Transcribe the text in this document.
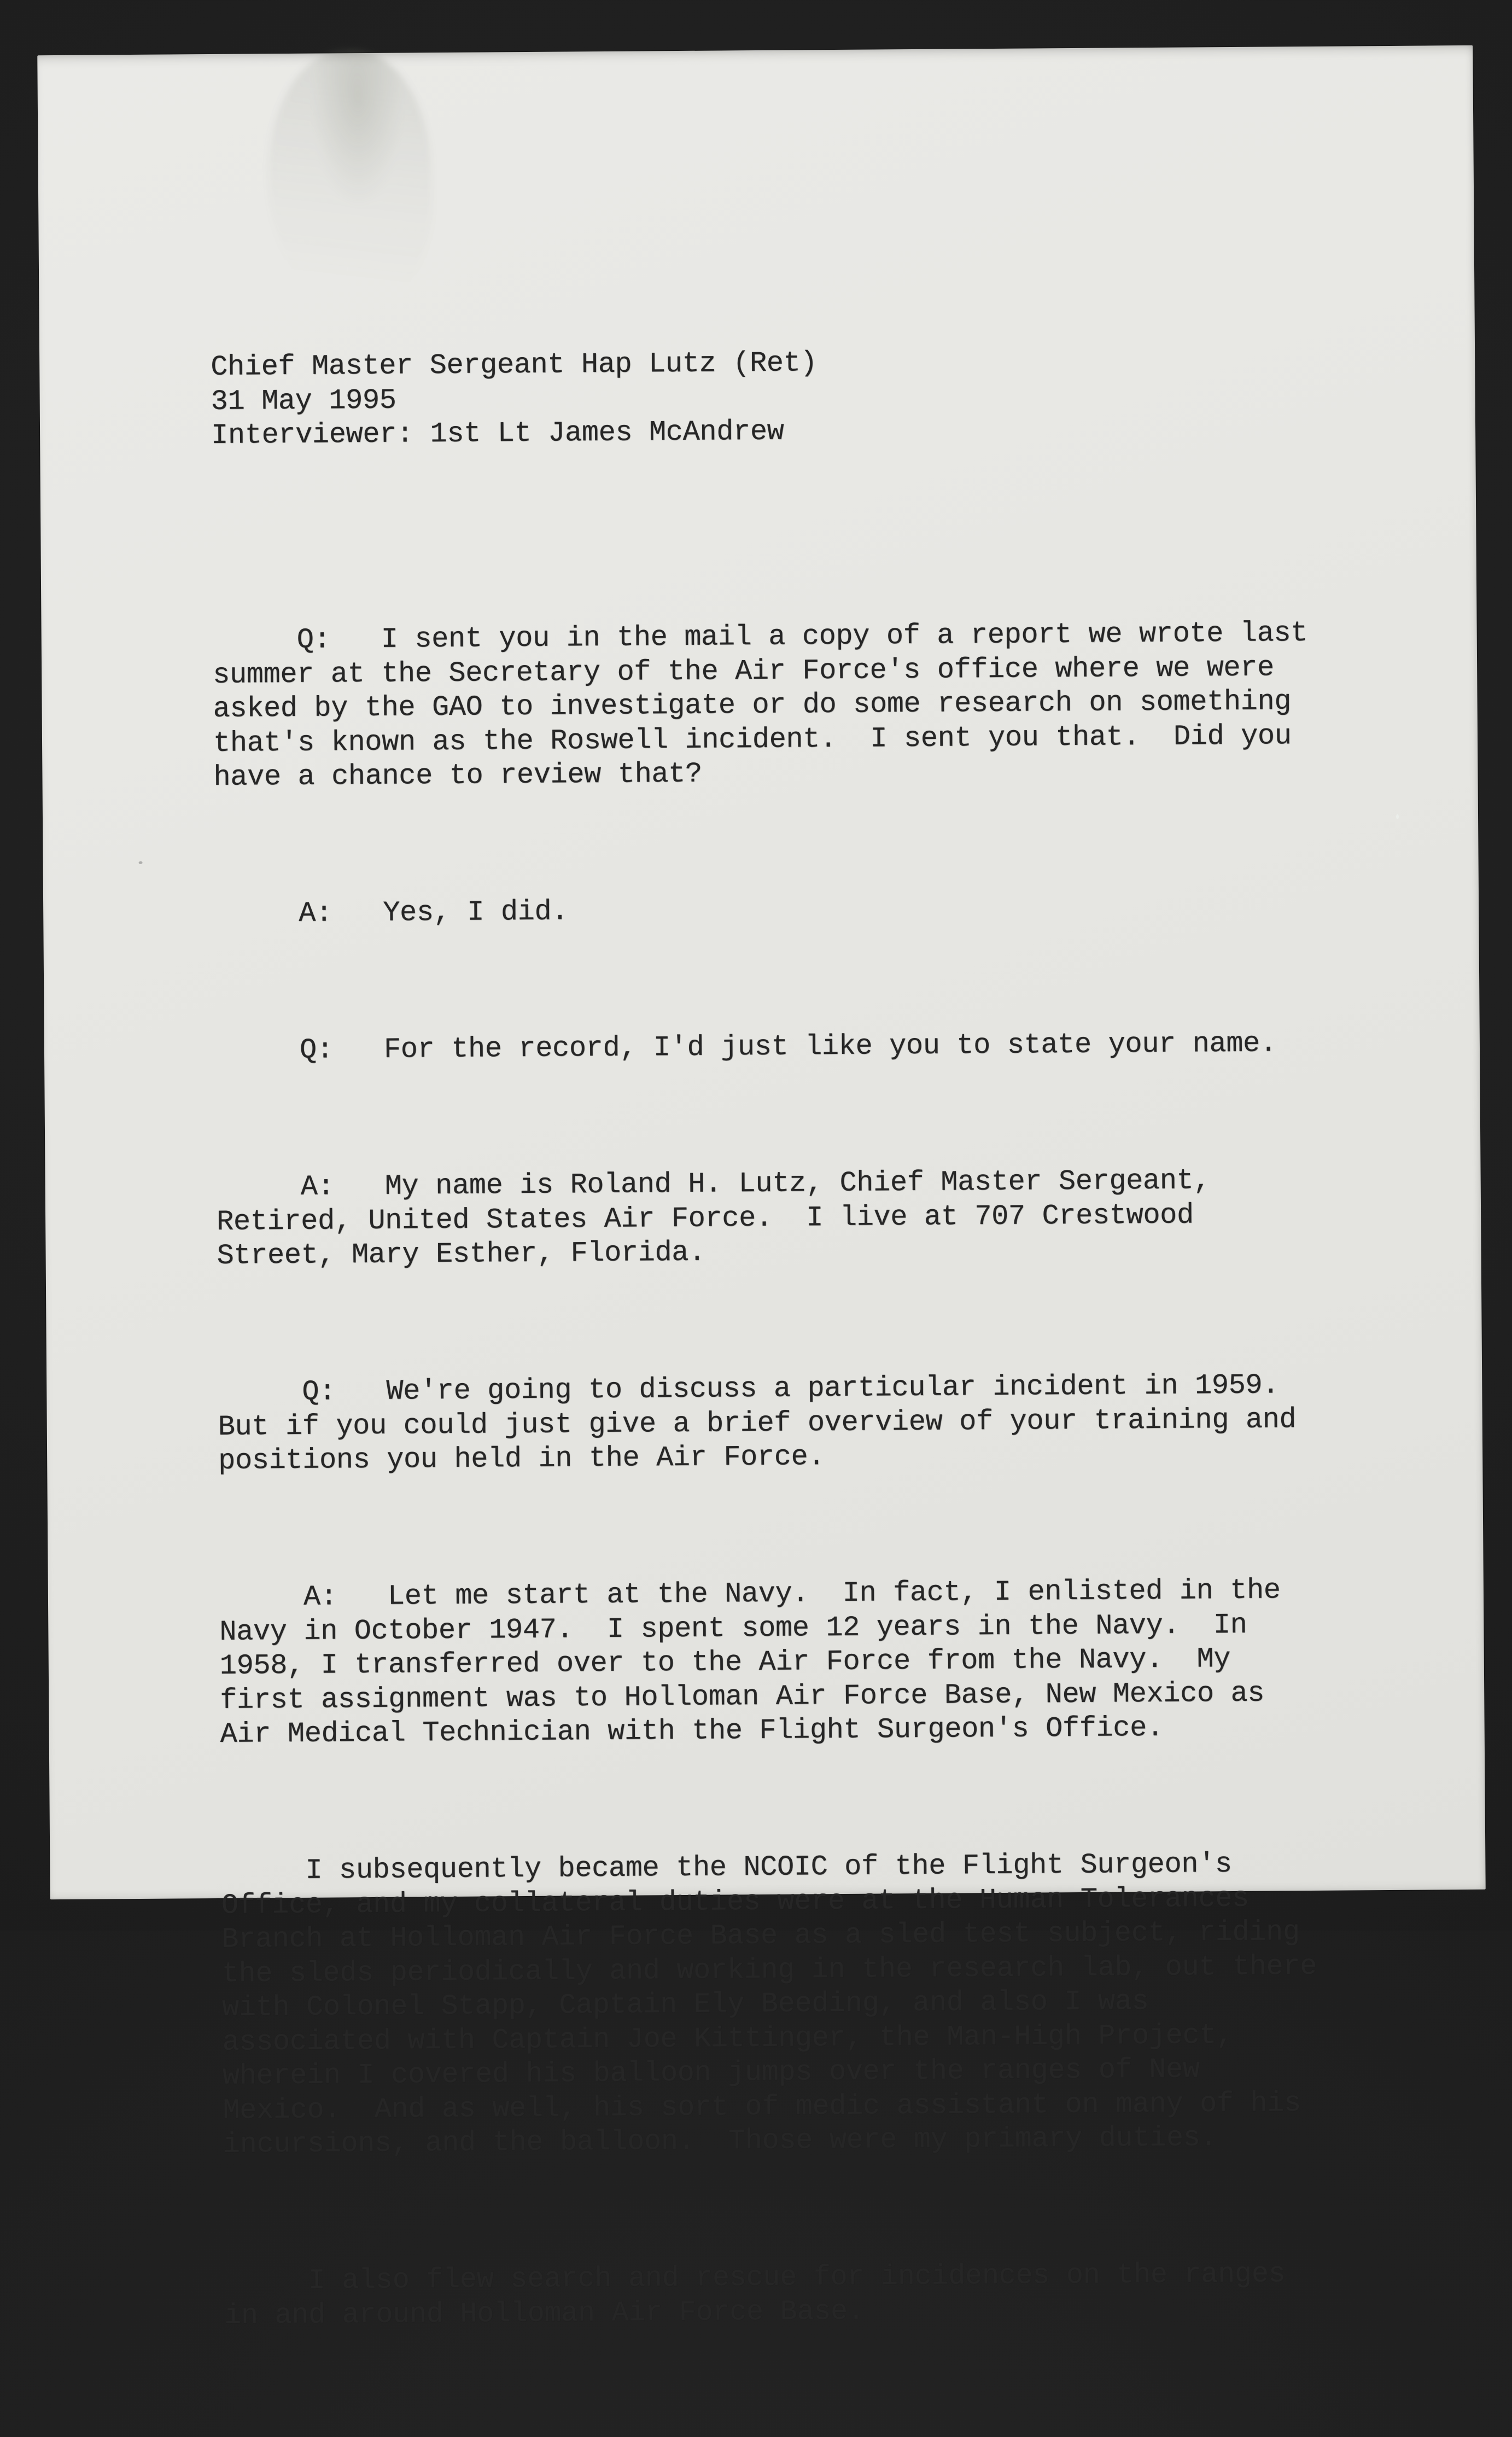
Chief Master Sergeant Hap Lutz (Ret)
31 May 1995
Interviewer: 1st Lt James McAndrew

Q:   I sent you in the mail a copy of a report we wrote last
summer at the Secretary of the Air Force's office where we were
asked by the GAO to investigate or do some research on something
that's known as the Roswell incident.  I sent you that.  Did you
have a chance to review that?

A:   Yes, I did.

Q:   For the record, I'd just like you to state your name.

A:   My name is Roland H. Lutz, Chief Master Sergeant,
Retired, United States Air Force.  I live at 707 Crestwood
Street, Mary Esther, Florida.

Q:   We're going to discuss a particular incident in 1959.
But if you could just give a brief overview of your training and
positions you held in the Air Force.

A:   Let me start at the Navy.  In fact, I enlisted in the
Navy in October 1947.  I spent some 12 years in the Navy.  In
1958, I transferred over to the Air Force from the Navy.  My
first assignment was to Holloman Air Force Base, New Mexico as
Air Medical Technician with the Flight Surgeon's Office.

I subsequently became the NCOIC of the Flight Surgeon's
Office, and my collateral duties were at the Human Tolerances
Branch at Holloman Air Force Base as a sled test subject, riding
the sleds periodically and working in the research lab, out there
with Colonel Stapp, Captain Ely Beeding, and also I was
associated with Captain Joe Kittinger, the Man-High Project,
wherein I covered his balloon jumps over the ranges of New
Mexico.  And as well, his sort of medic assistant on many of his
incursions, and the balloon.  Those were my primary duties.

I also flew search and rescue for incidences on the ranges
in and around Holloman Air Force Base.
